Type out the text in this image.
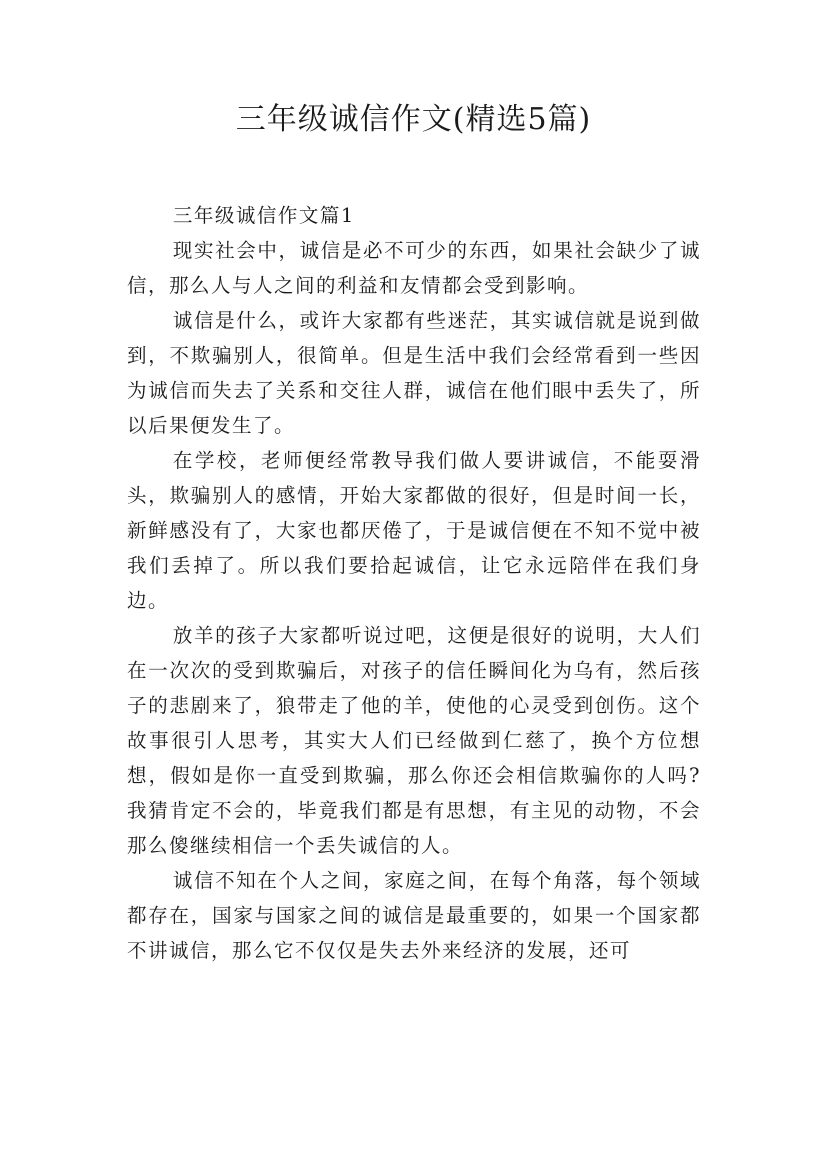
三年级诚信作文(精选5篇)

三年级诚信作文篇1

现实社会中，诚信是必不可少的东西，如果社会缺少了诚信，那么人与人之间的利益和友情都会受到影响。

诚信是什么，或许大家都有些迷茫，其实诚信就是说到做到，不欺骗别人，很简单。但是生活中我们会经常看到一些因为诚信而失去了关系和交往人群，诚信在他们眼中丢失了，所以后果便发生了。

在学校，老师便经常教导我们做人要讲诚信，不能耍滑头，欺骗别人的感情，开始大家都做的很好，但是时间一长，新鲜感没有了，大家也都厌倦了，于是诚信便在不知不觉中被我们丢掉了。所以我们要拾起诚信，让它永远陪伴在我们身边。

放羊的孩子大家都听说过吧，这便是很好的说明，大人们在一次次的受到欺骗后，对孩子的信任瞬间化为乌有，然后孩子的悲剧来了，狼带走了他的羊，使他的心灵受到创伤。这个故事很引人思考，其实大人们已经做到仁慈了，换个方位想想，假如是你一直受到欺骗，那么你还会相信欺骗你的人吗?我猜肯定不会的，毕竟我们都是有思想，有主见的动物，不会那么傻继续相信一个丢失诚信的人。

诚信不知在个人之间，家庭之间，在每个角落，每个领域都存在，国家与国家之间的诚信是最重要的，如果一个国家都不讲诚信，那么它不仅仅是失去外来经济的发展，还可
